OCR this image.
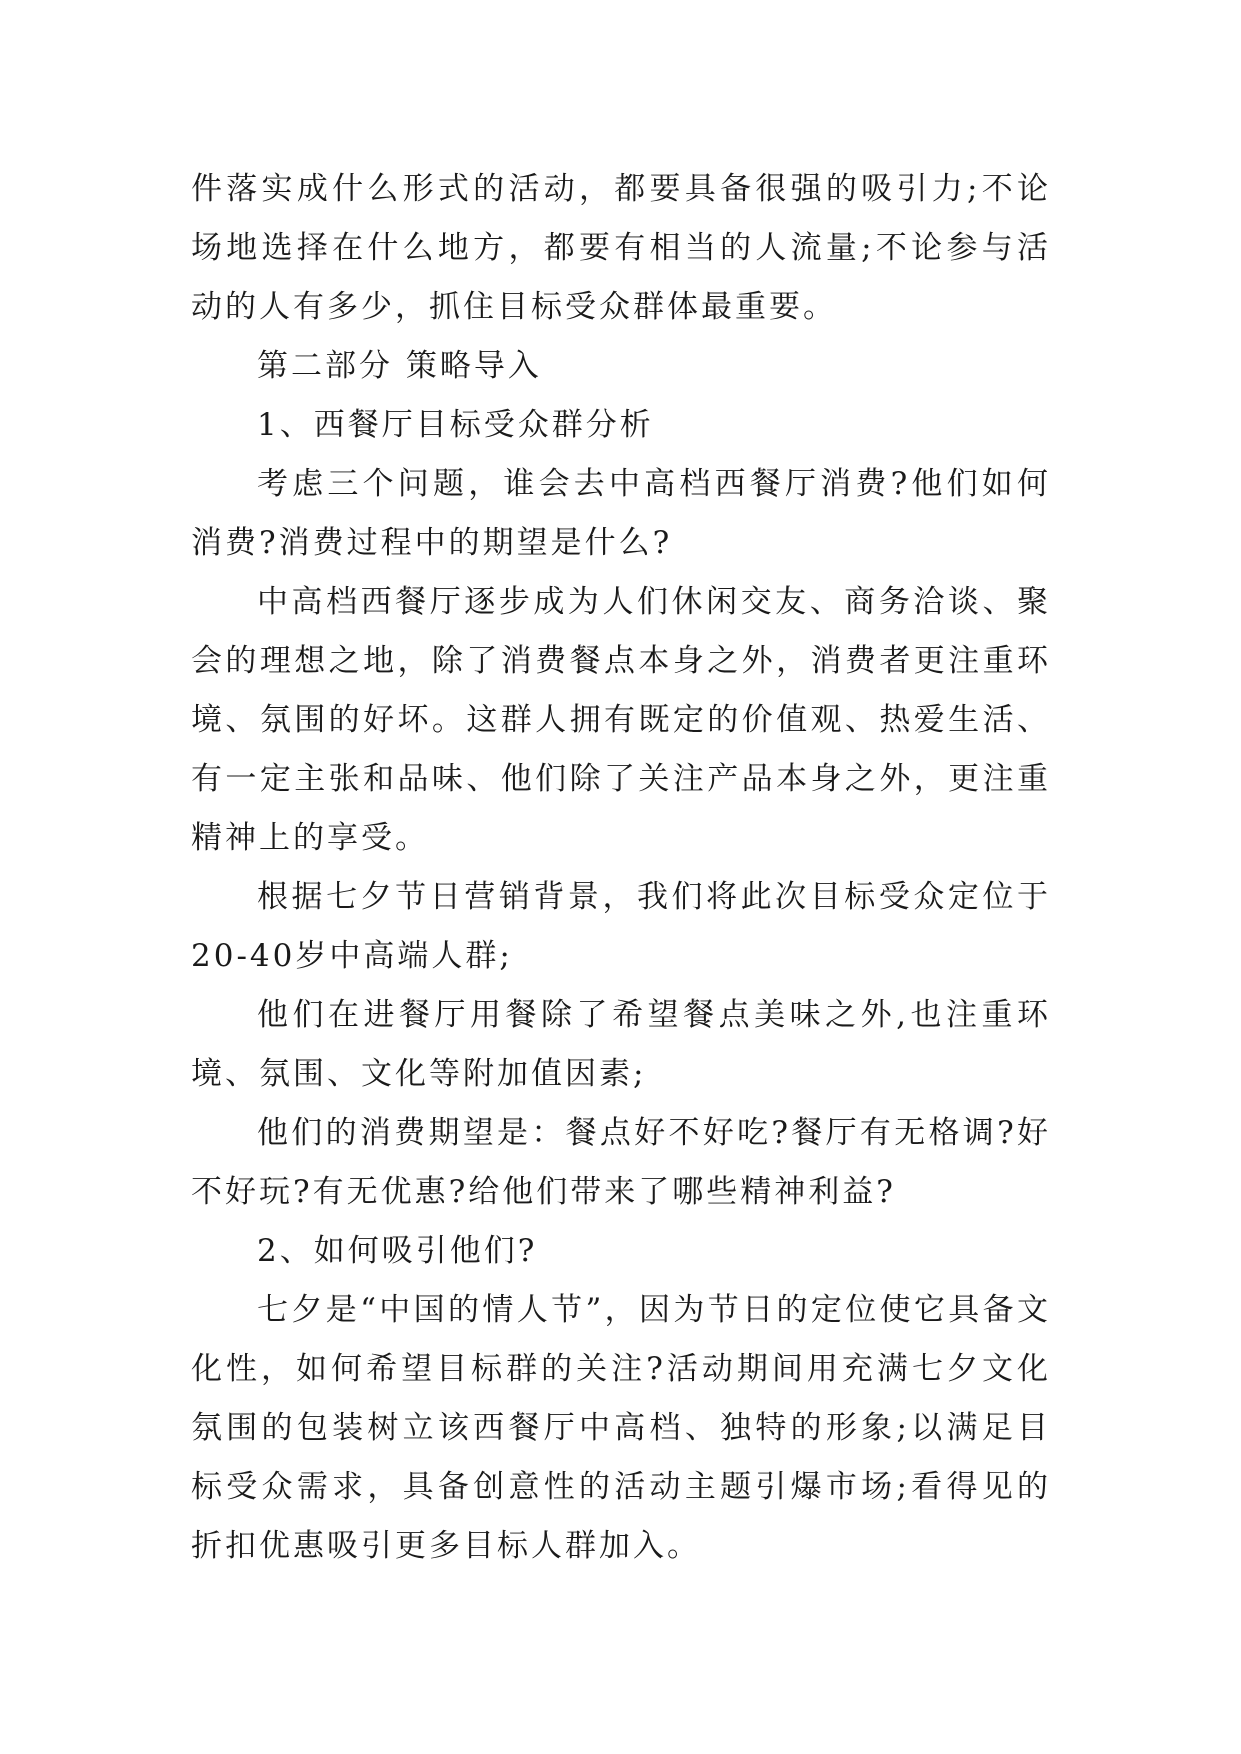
件落实成什么形式的活动，都要具备很强的吸引力;不论场地选择在什么地方，都要有相当的人流量;不论参与活动的人有多少，抓住目标受众群体最重要。

第二部分 策略导入

1、西餐厅目标受众群分析

考虑三个问题，谁会去中高档西餐厅消费?他们如何消费?消费过程中的期望是什么?

中高档西餐厅逐步成为人们休闲交友、商务洽谈、聚会的理想之地，除了消费餐点本身之外，消费者更注重环境、氛围的好坏。这群人拥有既定的价值观、热爱生活、有一定主张和品味、他们除了关注产品本身之外，更注重精神上的享受。

根据七夕节日营销背景，我们将此次目标受众定位于20-40岁中高端人群;

他们在进餐厅用餐除了希望餐点美味之外,也注重环境、氛围、文化等附加值因素;

他们的消费期望是：餐点好不好吃?餐厅有无格调?好不好玩?有无优惠?给他们带来了哪些精神利益?

2、如何吸引他们?

七夕是“中国的情人节”，因为节日的定位使它具备文化性，如何希望目标群的关注?活动期间用充满七夕文化氛围的包装树立该西餐厅中高档、独特的形象;以满足目标受众需求，具备创意性的活动主题引爆市场;看得见的折扣优惠吸引更多目标人群加入。
